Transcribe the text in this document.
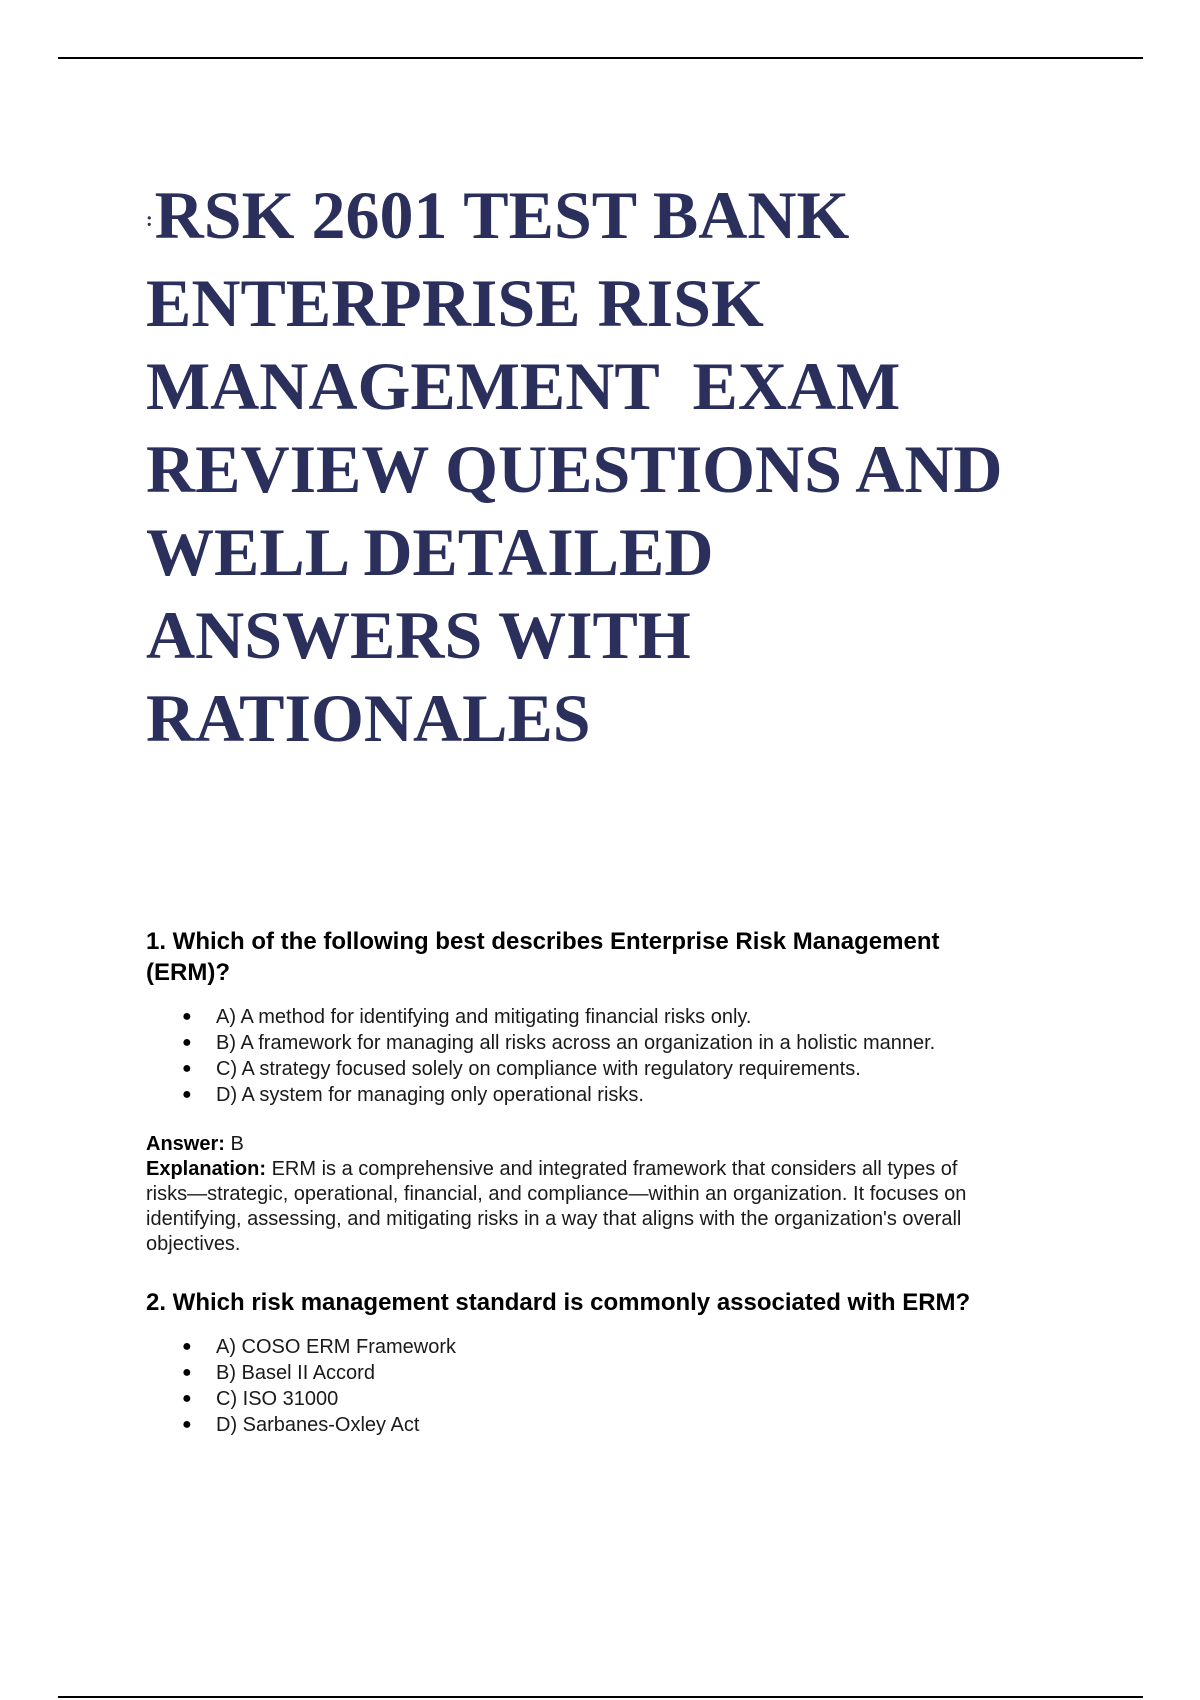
:RSK 2601 TEST BANK
ENTERPRISE RISK
MANAGEMENT  EXAM
REVIEW QUESTIONS AND
WELL DETAILED
ANSWERS WITH
RATIONALES

1. Which of the following best describes Enterprise Risk Management
(ERM)?

● A) A method for identifying and mitigating financial risks only.
● B) A framework for managing all risks across an organization in a holistic manner.
● C) A strategy focused solely on compliance with regulatory requirements.
● D) A system for managing only operational risks.
Answer: B
Explanation: ERM is a comprehensive and integrated framework that considers all types of
risks—strategic, operational, financial, and compliance—within an organization. It focuses on
identifying, assessing, and mitigating risks in a way that aligns with the organization's overall
objectives.

2. Which risk management standard is commonly associated with ERM?

● A) COSO ERM Framework
● B) Basel II Accord
● C) ISO 31000
● D) Sarbanes-Oxley Act
